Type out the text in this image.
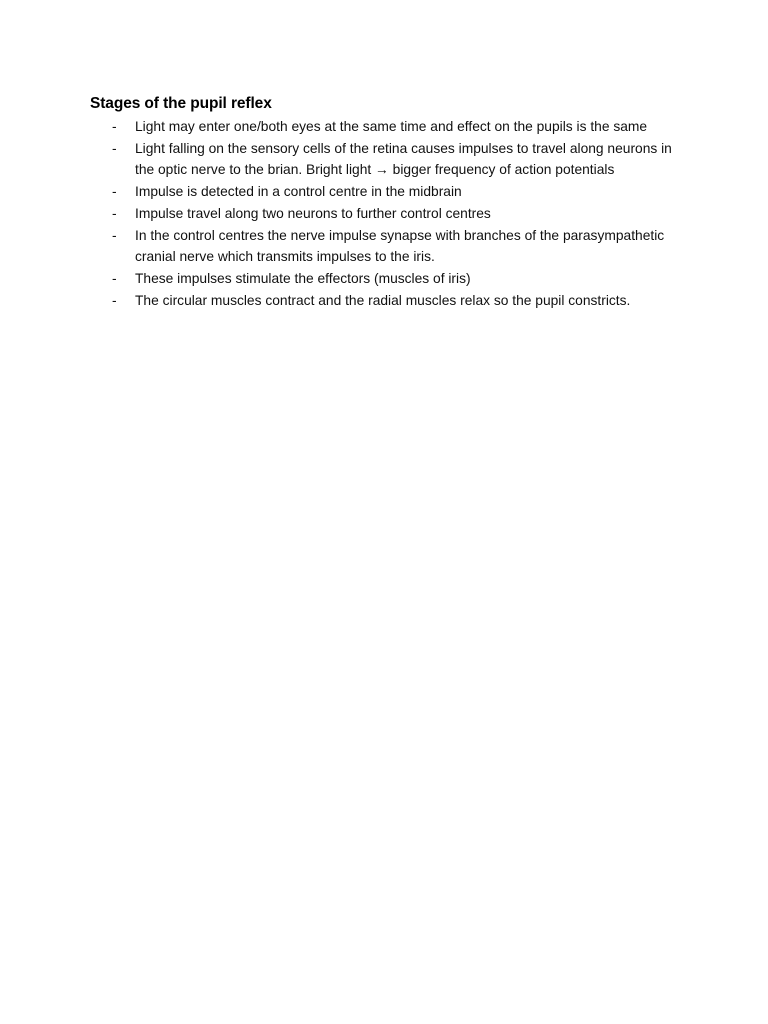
Stages of the pupil reflex
- Light may enter one/both eyes at the same time and effect on the pupils is the same
- Light falling on the sensory cells of the retina causes impulses to travel along neurons in the optic nerve to the brian. Bright light → bigger frequency of action potentials
- Impulse is detected in a control centre in the midbrain
- Impulse travel along two neurons to further control centres
- In the control centres the nerve impulse synapse with branches of the parasympathetic cranial nerve which transmits impulses to the iris.
- These impulses stimulate the effectors (muscles of iris)
- The circular muscles contract and the radial muscles relax so the pupil constricts.
